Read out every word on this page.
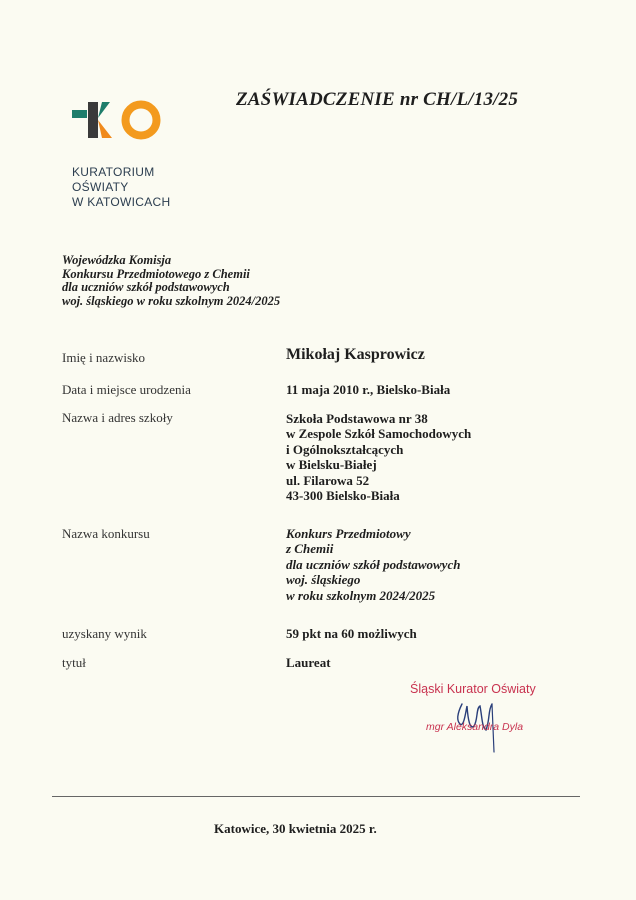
ZAŚWIADCZENIE nr CH/L/13/25
KURATORIUM
OŚWIATY
W KATOWICACH
Wojewódzka Komisja
Konkursu Przedmiotowego z Chemii
dla uczniów szkół podstawowych
woj. śląskiego w roku szkolnym 2024/2025
Imię i nazwisko	Mikołaj Kasprowicz
Data i miejsce urodzenia	11 maja 2010 r., Bielsko-Biała
Nazwa i adres szkoły	Szkoła Podstawowa nr 38
w Zespole Szkół Samochodowych
i Ogólnokształcących
w Bielsku-Białej
ul. Filarowa 52
43-300 Bielsko-Biała
Nazwa konkursu	Konkurs Przedmiotowy
z Chemii
dla uczniów szkół podstawowych
woj. śląskiego
w roku szkolnym 2024/2025
uzyskany wynik	59 pkt na 60 możliwych
tytuł	Laureat
Śląski Kurator Oświaty
mgr Aleksandra Dyla
Katowice, 30 kwietnia 2025 r.
